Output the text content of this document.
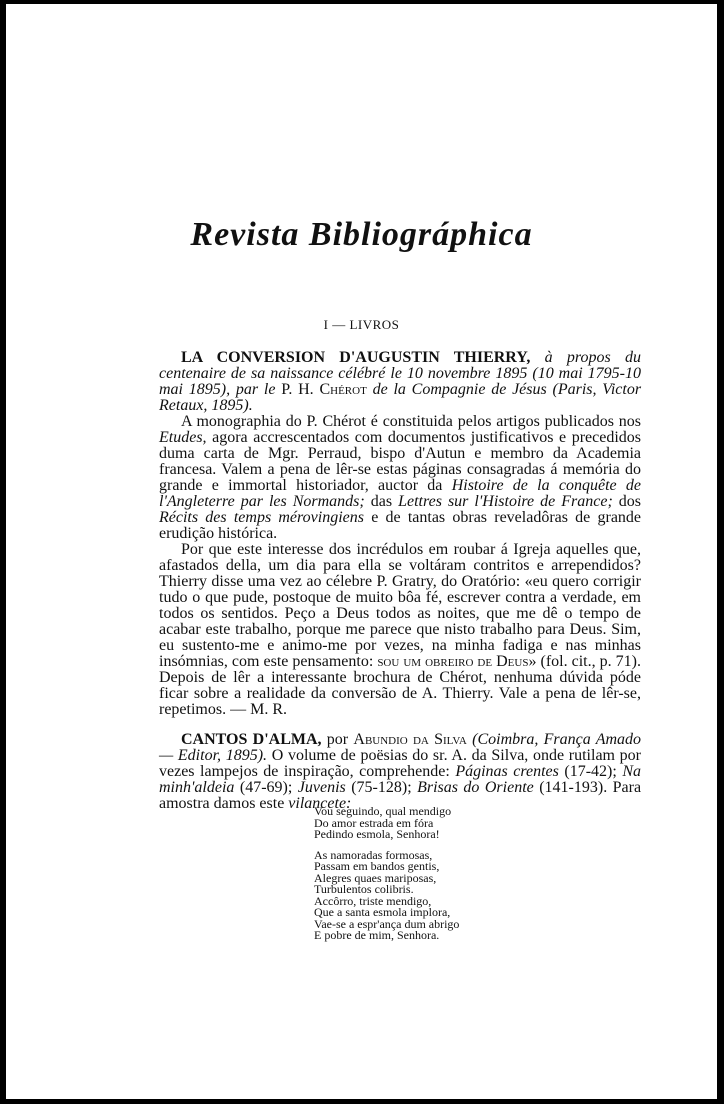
Revista Bibliográphica
I — LIVROS

LA CONVERSION D'AUGUSTIN THIERRY, à propos du centenaire de sa naissance célébré le 10 novembre 1895 (10 mai 1795-10 mai 1895), par le P. H. Chérot de la Compagnie de Jésus (Paris, Victor Retaux, 1895).

A monographia do P. Chérot é constituida pelos artigos publicados nos Etudes, agora accrescentados com documentos justificativos e precedidos duma carta de Mgr. Perraud, bispo d'Autun e membro da Academia francesa. Valem a pena de lêr-se estas páginas consagradas á memória do grande e immortal historiador, auctor da Histoire de la conquête de l'Angleterre par les Normands; das Lettres sur l'Histoire de France; dos Récits des temps mérovingiens e de tantas obras reveladôras de grande erudição histórica.

Por que este interesse dos incrédulos em roubar á Igreja aquelles que, afastados della, um dia para ella se voltáram contritos e arrependidos? Thierry disse uma vez ao célebre P. Gratry, do Oratório: «eu quero corrigir tudo o que pude, postoque de muito bôa fé, escrever contra a verdade, em todos os sentidos. Peço a Deus todos as noites, que me dê o tempo de acabar este trabalho, porque me parece que nisto trabalho para Deus. Sim, eu sustento-me e animo-me por vezes, na minha fadiga e nas minhas insómnias, com este pensamento: sou um obreiro de Deus» (fol. cit., p. 71). Depois de lêr a interessante brochura de Chérot, nenhuma dúvida póde ficar sobre a realidade da conversão de A. Thierry. Vale a pena de lêr-se, repetimos. — M. R.

CANTOS D'ALMA, por Abundio da Silva (Coimbra, França Amado — Editor, 1895). O volume de poësias do sr. A. da Silva, onde rutilam por vezes lampejos de inspiração, comprehende: Páginas crentes (17-42); Na minh'aldeia (47-69); Juvenis (75-128); Brisas do Oriente (141-193). Para amostra damos este vilancete:

Vou seguindo, qual mendigo
Do amor estrada em fóra
Pedindo esmola, Senhora!
As namoradas formosas,
Passam em bandos gentis,
Alegres quaes mariposas,
Turbulentos colibris.
Accôrro, triste mendigo,
Que a santa esmola implora,
Vae-se a espr'ança dum abrigo
E pobre de mim, Senhora.
